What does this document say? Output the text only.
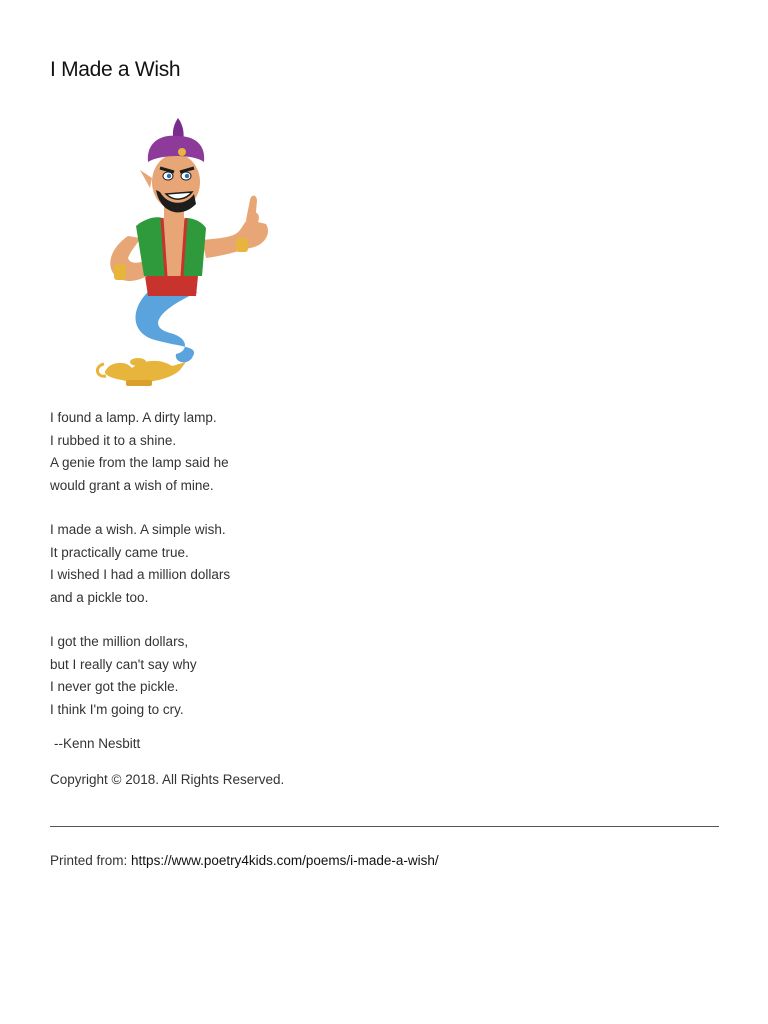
I Made a Wish
I found a lamp. A dirty lamp.
I rubbed it to a shine.
A genie from the lamp said he
would grant a wish of mine.
I made a wish. A simple wish.
It practically came true.
I wished I had a million dollars
and a pickle too.
I got the million dollars,
but I really can't say why
I never got the pickle.
I think I'm going to cry.
--Kenn Nesbitt
Copyright © 2018. All Rights Reserved.
Printed from: https://www.poetry4kids.com/poems/i-made-a-wish/
